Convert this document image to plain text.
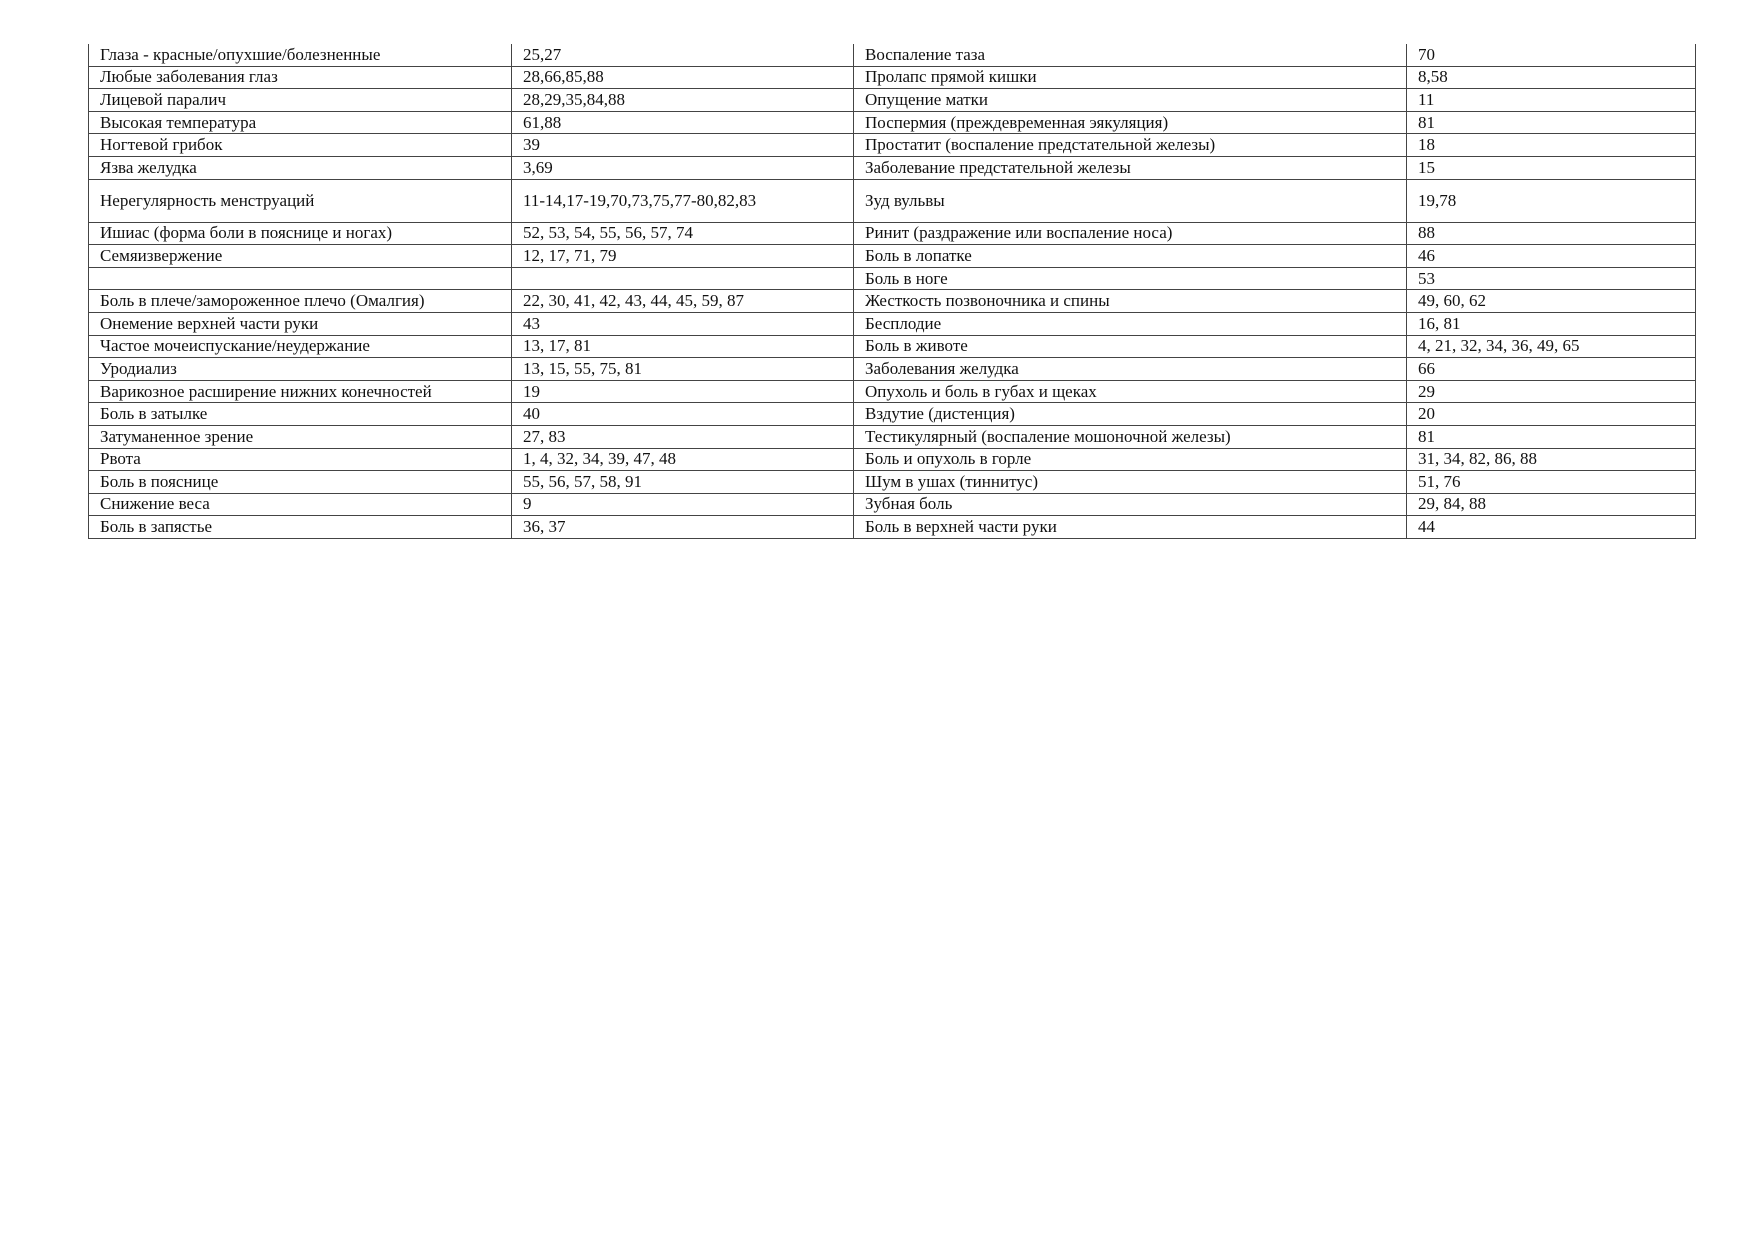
Глаза - красные/опухшие/болезненные	25,27	Воспаление таза	70
Любые заболевания глаз	28,66,85,88	Пролапс прямой кишки	8,58
Лицевой паралич	28,29,35,84,88	Опущение матки	11
Высокая температура	61,88	Поспермия (преждевременная эякуляция)	81
Ногтевой грибок	39	Простатит (воспаление предстательной железы)	18
Язва желудка	3,69	Заболевание предстательной железы	15
Нерегулярность менструаций	11-14,17-19,70,73,75,77-80,82,83	Зуд вульвы	19,78
Ишиас (форма боли в пояснице и ногах)	52, 53, 54, 55, 56, 57, 74	Ринит (раздражение или воспаление носа)	88
Семяизвержение	12, 17, 71, 79	Боль в лопатке	46
		Боль в ноге	53
Боль в плече/замороженное плечо (Омалгия)	22, 30, 41, 42, 43, 44, 45, 59, 87	Жесткость позвоночника и спины	49, 60, 62
Онемение верхней части руки	43	Бесплодие	16, 81
Частое мочеиспускание/неудержание	13, 17, 81	Боль в животе	4, 21, 32, 34, 36, 49, 65
Уродиализ	13, 15, 55, 75, 81	Заболевания желудка	66
Варикозное расширение нижних конечностей	19	Опухоль и боль в губах и щеках	29
Боль в затылке	40	Вздутие (дистенция)	20
Затуманенное зрение	27, 83	Тестикулярный (воспаление мошоночной железы)	81
Рвота	1, 4, 32, 34, 39, 47, 48	Боль и опухоль в горле	31, 34, 82, 86, 88
Боль в пояснице	55, 56, 57, 58, 91	Шум в ушах (тиннитус)	51, 76
Снижение веса	9	Зубная боль	29, 84, 88
Боль в запястье	36, 37	Боль в верхней части руки	44
